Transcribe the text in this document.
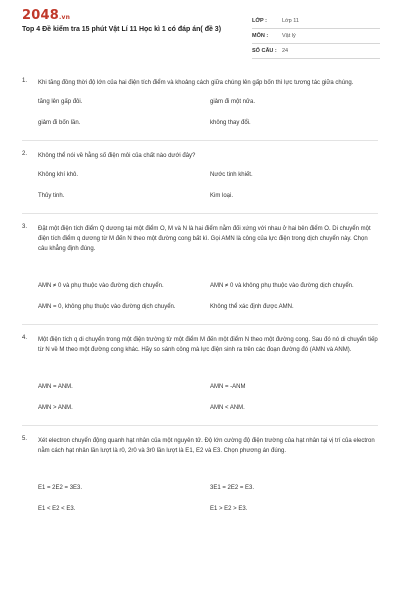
2048.vn
Top 4 Đề kiểm tra 15 phút Vật Lí 11 Học kì 1 có đáp án( đề 3)
LỚP :	Lớp 11
MÔN :	Vật lý
SỐ CÂU : 24
1. Khi tăng đồng thời độ lớn của hai điện tích điểm và khoảng cách giữa chúng lên gấp bốn thì lực tương tác giữa chúng.
tăng lên gấp đôi.	giảm đi một nửa.
giảm đi bốn lần.	không thay đổi.
2. Không thể nói về hằng số điện môi của chất nào dưới đây?
Không khí khô.	Nước tinh khiết.
Thủy tinh.	Kim loại.
3. Đặt một điện tích điểm Q dương tại một điểm O, M và N là hai điểm nằm đối xứng với nhau ở hai bên điểm O. Di chuyển một điện tích điểm q dương từ M đến N theo một đường cong bất kì. Gọi AMN là công của lực điện trong dịch chuyển này. Chọn câu khẳng định đúng.
AMN ≠ 0 và phụ thuộc vào đường dịch chuyển.	AMN ≠ 0 và không phụ thuộc vào đường dịch chuyển.
AMN = 0, không phụ thuộc vào đường dịch chuyển.	Không thể xác định được AMN.
4. Một điện tích q di chuyển trong một điện trường từ một điểm M đến một điểm N theo một đường cong. Sau đó nó di chuyển tiếp từ N về M theo một đường cong khác. Hãy so sánh công mà lực điện sinh ra trên các đoạn đường đó (AMN và ANM).
AMN = ANM.	AMN = -ANM
AMN > ANM.	AMN < ANM.
5. Xét electron chuyển động quanh hạt nhân của một nguyên tử. Độ lớn cường độ điện trường của hạt nhân tại vị trí của electron nằm cách hạt nhân lần lượt là r0, 2r0 và 3r0 lần lượt là E1, E2 và E3. Chọn phương án đúng.
E1 = 2E2 = 3E3.	3E1 = 2E2 = E3.
E1 < E2 < E3.	E1 > E2 > E3.
